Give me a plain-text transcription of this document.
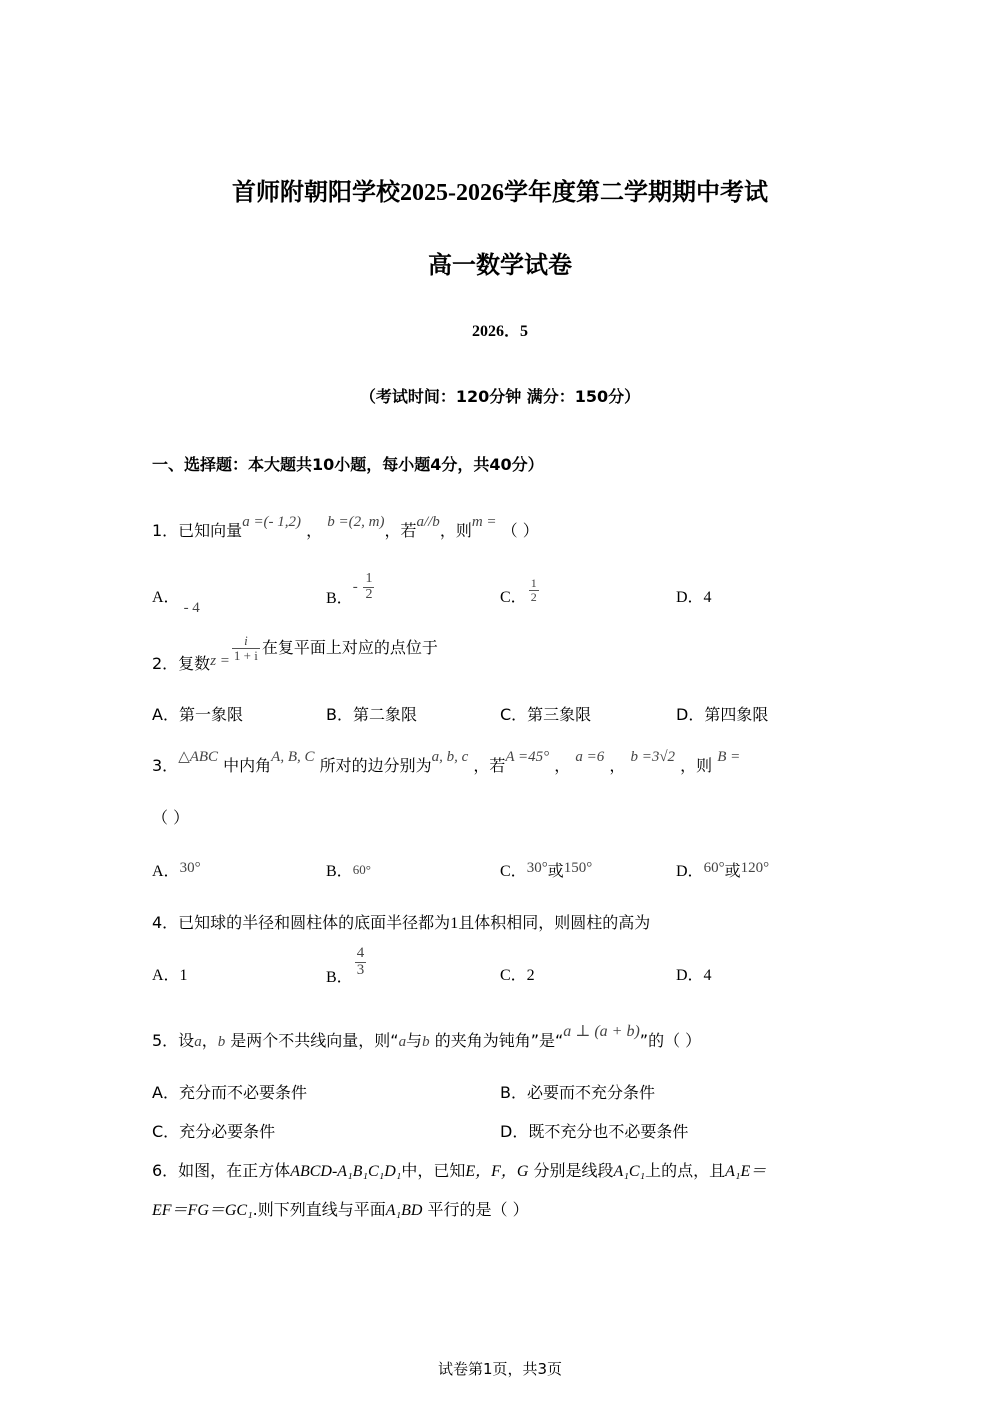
首师附朝阳学校2025-2026学年度第二学期期中考试
高一数学试卷
2026．5
（考试时间：120分钟 满分：150分）
一、选择题：本大题共10小题，每小题4分，共40分）
1．已知向量a =(- 1,2) ， b =(2, m)，若a//b，则m = （ ）
A．- 4
B．- $\frac{1}{2}$	C． $\frac{1}{2}$	D．4
2．复数$z = \frac{i}{1 + i}$ 在复平面上对应的点位于
A．第一象限	B．第二象限	C．第三象限	D．第四象限
3．△ABC 中内角A, B, C 所对的边分别为a, b, c ，若A =45° ， a =6 ， b =3√2 ，则 B =
（ ）
A．30°	B．60°	C．30°或150°	D．60°或120°
4．已知球的半径和圆柱体的底面半径都为1且体积相同，则圆柱的高为
A．1	B． $\frac{4}{3}$	C．2	D．4
5．设a，b 是两个不共线向量，则“a与b 的夹角为钝角”是“a ⊥ (a + b)”的（ ）
A．充分而不必要条件	B．必要而不充分条件
C．充分必要条件	D．既不充分也不必要条件
6．如图，在正方体ABCD-A₁B₁C₁D₁中，已知E，F，G 分别是线段A₁C₁上的点，且A₁E＝
EF＝FG＝GC₁.则下列直线与平面A₁BD 平行的是（ ）
试卷第1页，共3页
